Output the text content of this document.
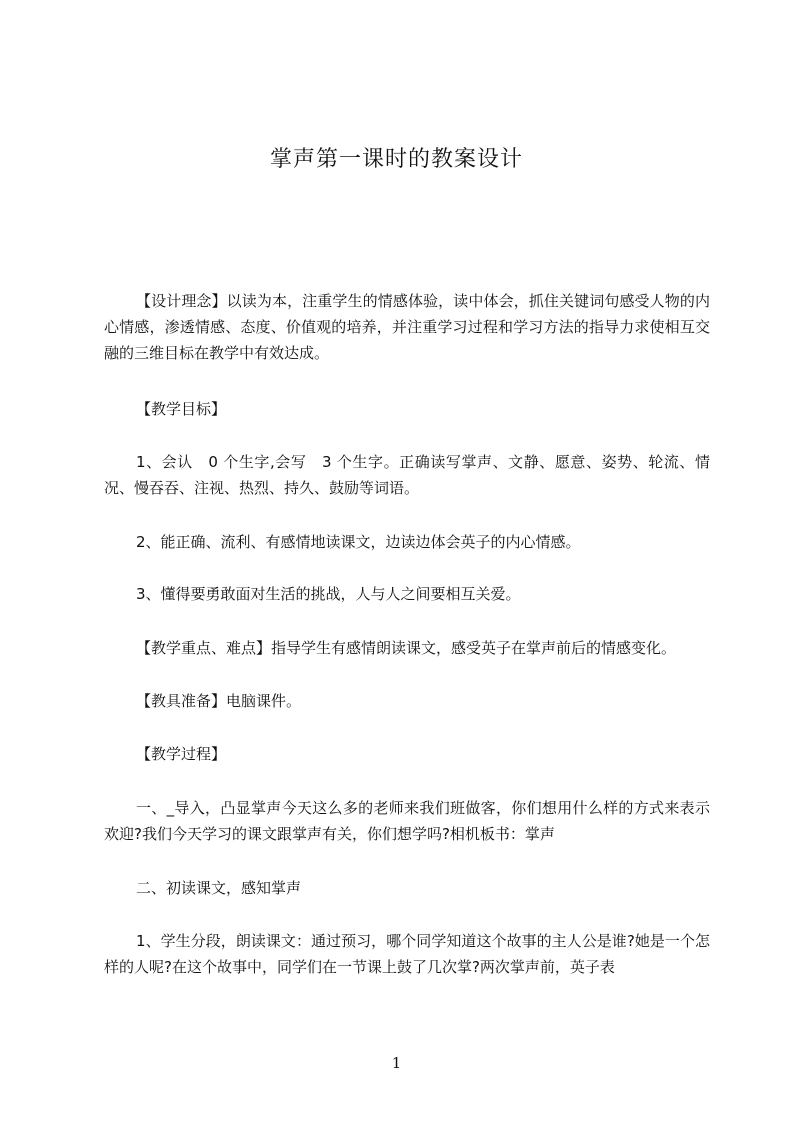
掌声第一课时的教案设计
【设计理念】以读为本，注重学生的情感体验，读中体会，抓住关键词句感受人物的内心情感，渗透情感、态度、价值观的培养，并注重学习过程和学习方法的指导力求使相互交融的三维目标在教学中有效达成。
【教学目标】
1、会认　0 个生字,会写　3 个生字。正确读写掌声、文静、愿意、姿势、轮流、情况、慢吞吞、注视、热烈、持久、鼓励等词语。
2、能正确、流利、有感情地读课文，边读边体会英子的内心情感。
3、懂得要勇敢面对生活的挑战，人与人之间要相互关爱。
【教学重点、难点】指导学生有感情朗读课文，感受英子在掌声前后的情感变化。
【教具准备】电脑课件。
【教学过程】
一、_导入，凸显掌声今天这么多的老师来我们班做客，你们想用什么样的方式来表示欢迎?我们今天学习的课文跟掌声有关，你们想学吗?相机板书：掌声
二、初读课文，感知掌声
1、学生分段，朗读课文：通过预习，哪个同学知道这个故事的主人公是谁?她是一个怎样的人呢?在这个故事中，同学们在一节课上鼓了几次掌?两次掌声前，英子表
1
